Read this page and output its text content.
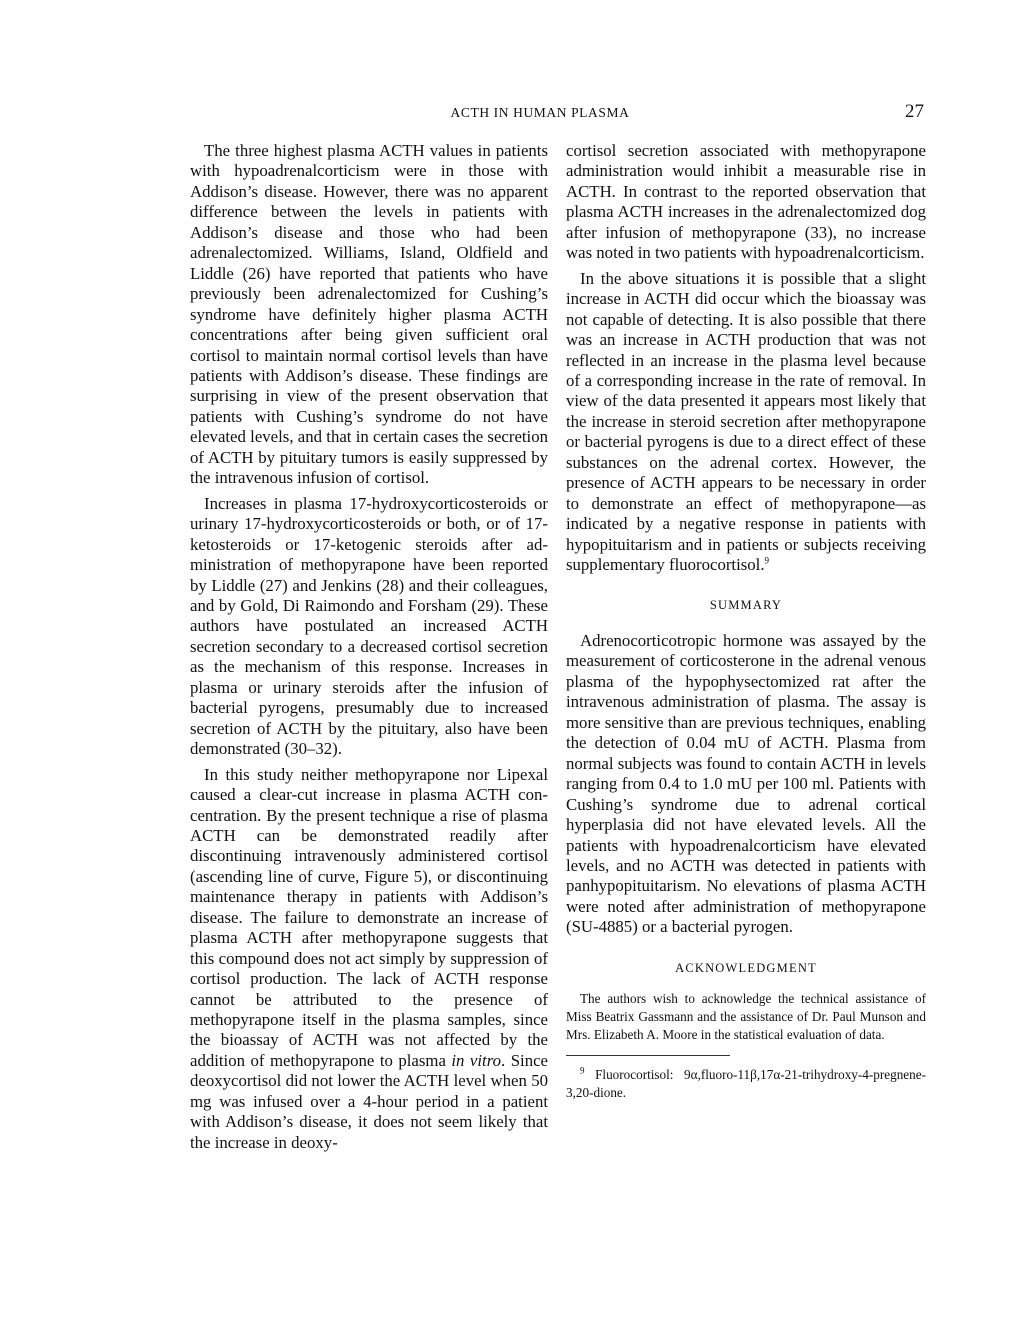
ACTH IN HUMAN PLASMA	27

The three highest plasma ACTH values in patients with hypoadrenalcorticism were in those with Addison’s disease. However, there was no apparent difference between the levels in patients with Addison’s disease and those who had been adrenalectomized. Williams, Island, Oldfield and Liddle (26) have reported that patients who have previously been adrenalectomized for Cushing’s syndrome have definitely higher plasma ACTH concentrations after being given sufficient oral cortisol to maintain normal cortisol levels than have patients with Addison’s disease. These findings are surprising in view of the present observation that patients with Cushing’s syndrome do not have elevated levels, and that in certain cases the secretion of ACTH by pituitary tumors is easily suppressed by the intravenous infusion of cortisol.

Increases in plasma 17-hydroxycorticosteroids or urinary 17-hydroxycorticosteroids or both, or of 17-ketosteroids or 17-ketogenic steroids after administration of methopyrapone have been reported by Liddle (27) and Jenkins (28) and their colleagues, and by Gold, Di Raimondo and Forsham (29). These authors have postulated an increased ACTH secretion secondary to a decreased cortisol secretion as the mechanism of this response. Increases in plasma or urinary steroids after the infusion of bacterial pyrogens, presumably due to increased secretion of ACTH by the pituitary, also have been demonstrated (30–32).

In this study neither methopyrapone nor Lipexal caused a clear-cut increase in plasma ACTH concentration. By the present technique a rise of plasma ACTH can be demonstrated readily after discontinuing intravenously administered cortisol (ascending line of curve, Figure 5), or discontinuing maintenance therapy in patients with Addison’s disease. The failure to demonstrate an increase of plasma ACTH after methopyrapone suggests that this compound does not act simply by suppression of cortisol production. The lack of ACTH response cannot be attributed to the presence of methopyrapone itself in the plasma samples, since the bioassay of ACTH was not affected by the addition of methopyrapone to plasma in vitro. Since deoxycortisol did not lower the ACTH level when 50 mg was infused over a 4-hour period in a patient with Addison’s disease, it does not seem likely that the increase in deoxy-

cortisol secretion associated with methopyrapone administration would inhibit a measurable rise in ACTH. In contrast to the reported observation that plasma ACTH increases in the adrenalectomized dog after infusion of methopyrapone (33), no increase was noted in two patients with hypoadrenalcorticism.

In the above situations it is possible that a slight increase in ACTH did occur which the bioassay was not capable of detecting. It is also possible that there was an increase in ACTH production that was not reflected in an increase in the plasma level because of a corresponding increase in the rate of removal. In view of the data presented it appears most likely that the increase in steroid secretion after methopyrapone or bacterial pyrogens is due to a direct effect of these substances on the adrenal cortex. However, the presence of ACTH appears to be necessary in order to demonstrate an effect of methopyrapone—as indicated by a negative response in patients with hypopituitarism and in patients or subjects receiving supplementary fluorocortisol.$^9$

SUMMARY

Adrenocorticotropic hormone was assayed by the measurement of corticosterone in the adrenal venous plasma of the hypophysectomized rat after the intravenous administration of plasma. The assay is more sensitive than are previous techniques, enabling the detection of 0.04 mU of ACTH. Plasma from normal subjects was found to contain ACTH in levels ranging from 0.4 to 1.0 mU per 100 ml. Patients with Cushing’s syndrome due to adrenal cortical hyperplasia did not have elevated levels. All the patients with hypoadrenalcorticism have elevated levels, and no ACTH was detected in patients with panhypopituitarism. No elevations of plasma ACTH were noted after administration of methopyrapone (SU-4885) or a bacterial pyrogen.

ACKNOWLEDGMENT

The authors wish to acknowledge the technical assistance of Miss Beatrix Gassmann and the assistance of Dr. Paul Munson and Mrs. Elizabeth A. Moore in the statistical evaluation of data.

$^9$ Fluorocortisol: 9α,fluoro-11β,17α-21-trihydroxy-4-pregnene-3,20-dione.
